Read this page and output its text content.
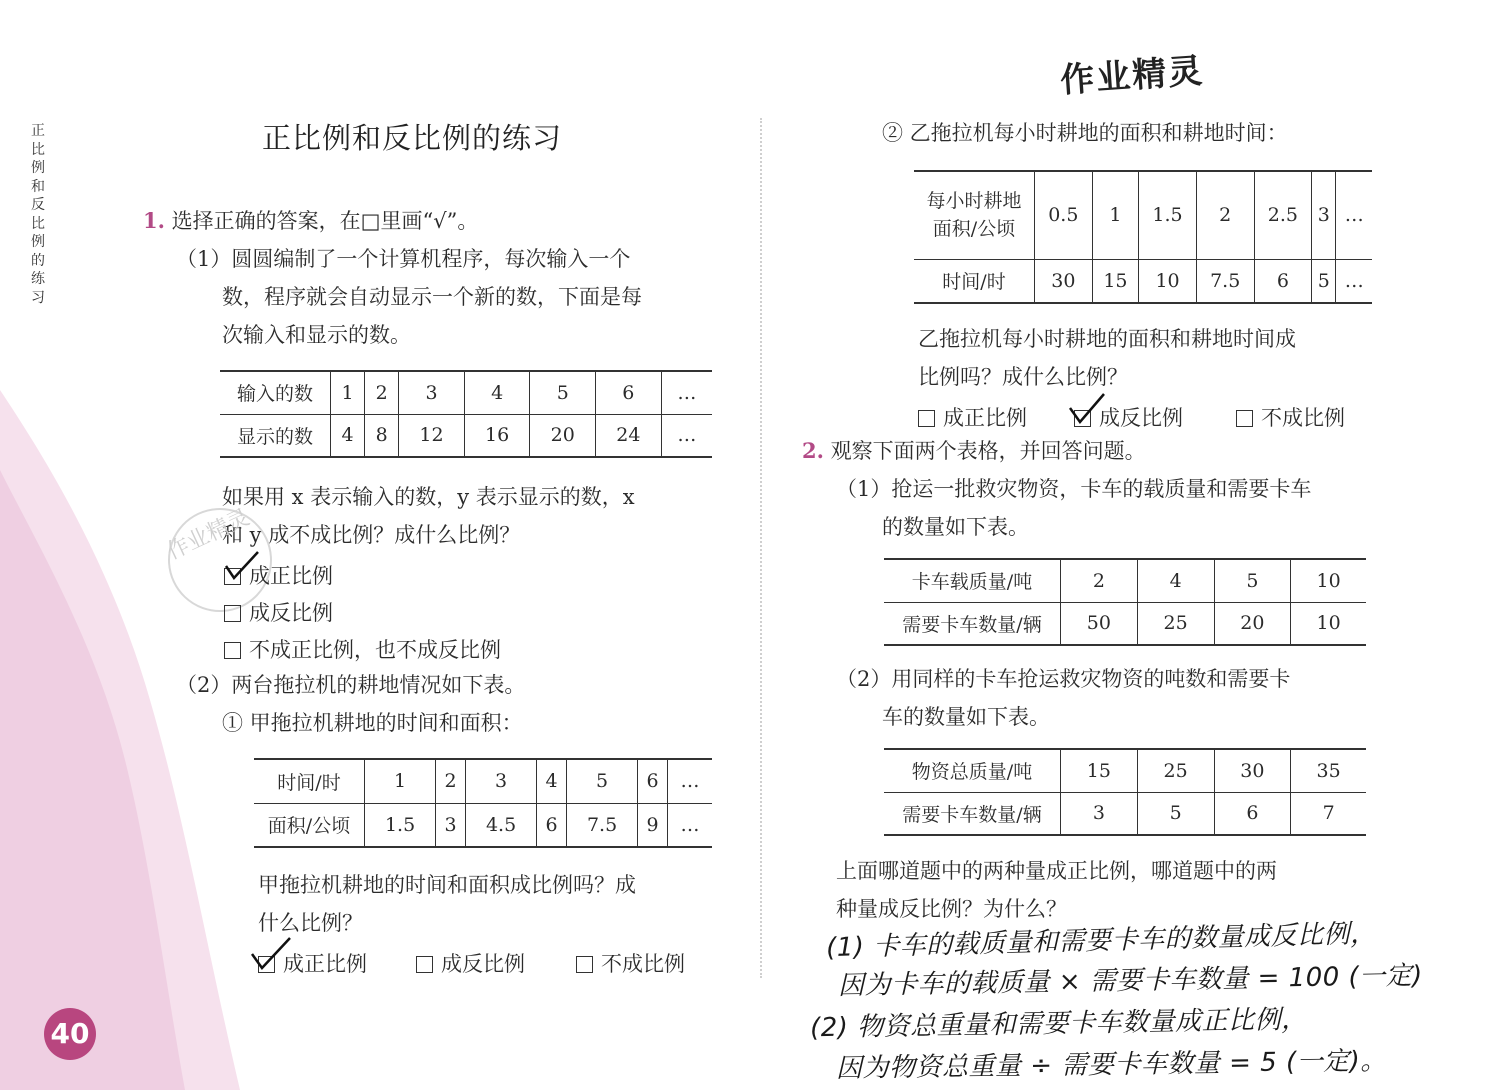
正比例和反比例的练习
40
作业精灵
正比例和反比例的练习
1. 选择正确的答案，在□里画“√”。
（1）圆圆编制了一个计算机程序，每次输入一个
数，程序就会自动显示一个新的数，下面是每
次输入和显示的数。
输入的数	1	2	3	4	5	6	…
显示的数	4	8	12	16	20	24	…
如果用 x 表示输入的数，y 表示显示的数，x
和 y 成不成比例？成什么比例？
作业精灵
成正比例
成反比例
不成正比例，也不成反比例
（2）两台拖拉机的耕地情况如下表。
① 甲拖拉机耕地的时间和面积：
时间/时	1	2	3	4	5	6	…
面积/公顷	1.5	3	4.5	6	7.5	9	…
甲拖拉机耕地的时间和面积成比例吗？成
什么比例？
成正比例	成反比例	不成比例
② 乙拖拉机每小时耕地的面积和耕地时间：
每小时耕地
面积/公顷	0.5	1	1.5	2	2.5	3	…
时间/时	30	15	10	7.5	6	5	…
乙拖拉机每小时耕地的面积和耕地时间成
比例吗？成什么比例？
成正比例	成反比例	不成比例
2. 观察下面两个表格，并回答问题。
（1）抢运一批救灾物资，卡车的载质量和需要卡车
的数量如下表。
卡车载质量/吨	2	4	5	10
需要卡车数量/辆	50	25	20	10
（2）用同样的卡车抢运救灾物资的吨数和需要卡
车的数量如下表。
物资总质量/吨	15	25	30	35
需要卡车数量/辆	3	5	6	7
上面哪道题中的两种量成正比例，哪道题中的两
种量成反比例？为什么？
(1) 卡车的载质量和需要卡车的数量成反比例，
因为卡车的载质量 × 需要卡车数量 = 100 (一定)
(2) 物资总重量和需要卡车数量成正比例，
因为物资总重量 ÷ 需要卡车数量 = 5 (一定)。
